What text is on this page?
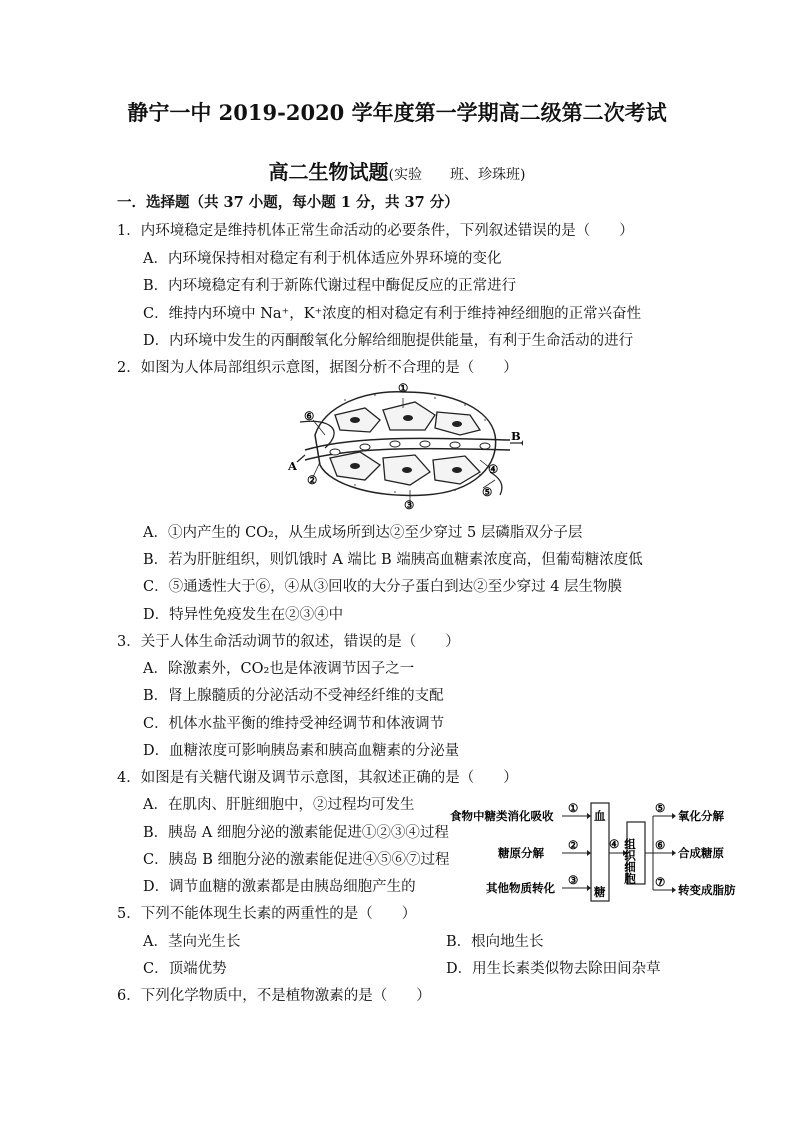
静宁一中 2019-2020 学年度第一学期高二级第二次考试
高二生物试题(实验　　班、珍珠班)
一．选择题（共 37 小题，每小题 1 分，共 37 分）
1．内环境稳定是维持机体正常生命活动的必要条件，下列叙述错误的是（　　）
A．内环境保持相对稳定有利于机体适应外界环境的变化
B．内环境稳定有利于新陈代谢过程中酶促反应的正常进行
C．维持内环境中 Na⁺，K⁺浓度的相对稳定有利于维持神经细胞的正常兴奋性
D．内环境中发生的丙酮酸氧化分解给细胞提供能量，有利于生命活动的进行
2．如图为人体局部组织示意图，据图分析不合理的是（　　）
①
②
③
④
⑤
⑥
A
B
A．①内产生的 CO₂，从生成场所到达②至少穿过 5 层磷脂双分子层
B．若为肝脏组织，则饥饿时 A 端比 B 端胰高血糖素浓度高，但葡萄糖浓度低
C．⑤通透性大于⑥，④从③回收的大分子蛋白到达②至少穿过 4 层生物膜
D．特异性免疫发生在②③④中
3．关于人体生命活动调节的叙述，错误的是（　　）
A．除激素外，CO₂也是体液调节因子之一
B．肾上腺髓质的分泌活动不受神经纤维的支配
C．机体水盐平衡的维持受神经调节和体液调节
D．血糖浓度可影响胰岛素和胰高血糖素的分泌量
4．如图是有关糖代谢及调节示意图，其叙述正确的是（　　）
A．在肌肉、肝脏细胞中，②过程均可发生
B．胰岛 A 细胞分泌的激素能促进①②③④过程
C．胰岛 B 细胞分泌的激素能促进④⑤⑥⑦过程
D．调节血糖的激素都是由胰岛细胞产生的
食物中糖类消化吸收
糖原分解
其他物质转化
①
②
③
血
糖
④ 组织细胞
⑤
⑥
⑦
氧化分解
合成糖原
转变成脂肪
5．下列不能体现生长素的两重性的是（　　）
A．茎向光生长	B．根向地生长
C．顶端优势	D．用生长素类似物去除田间杂草
6．下列化学物质中，不是植物激素的是（　　）
